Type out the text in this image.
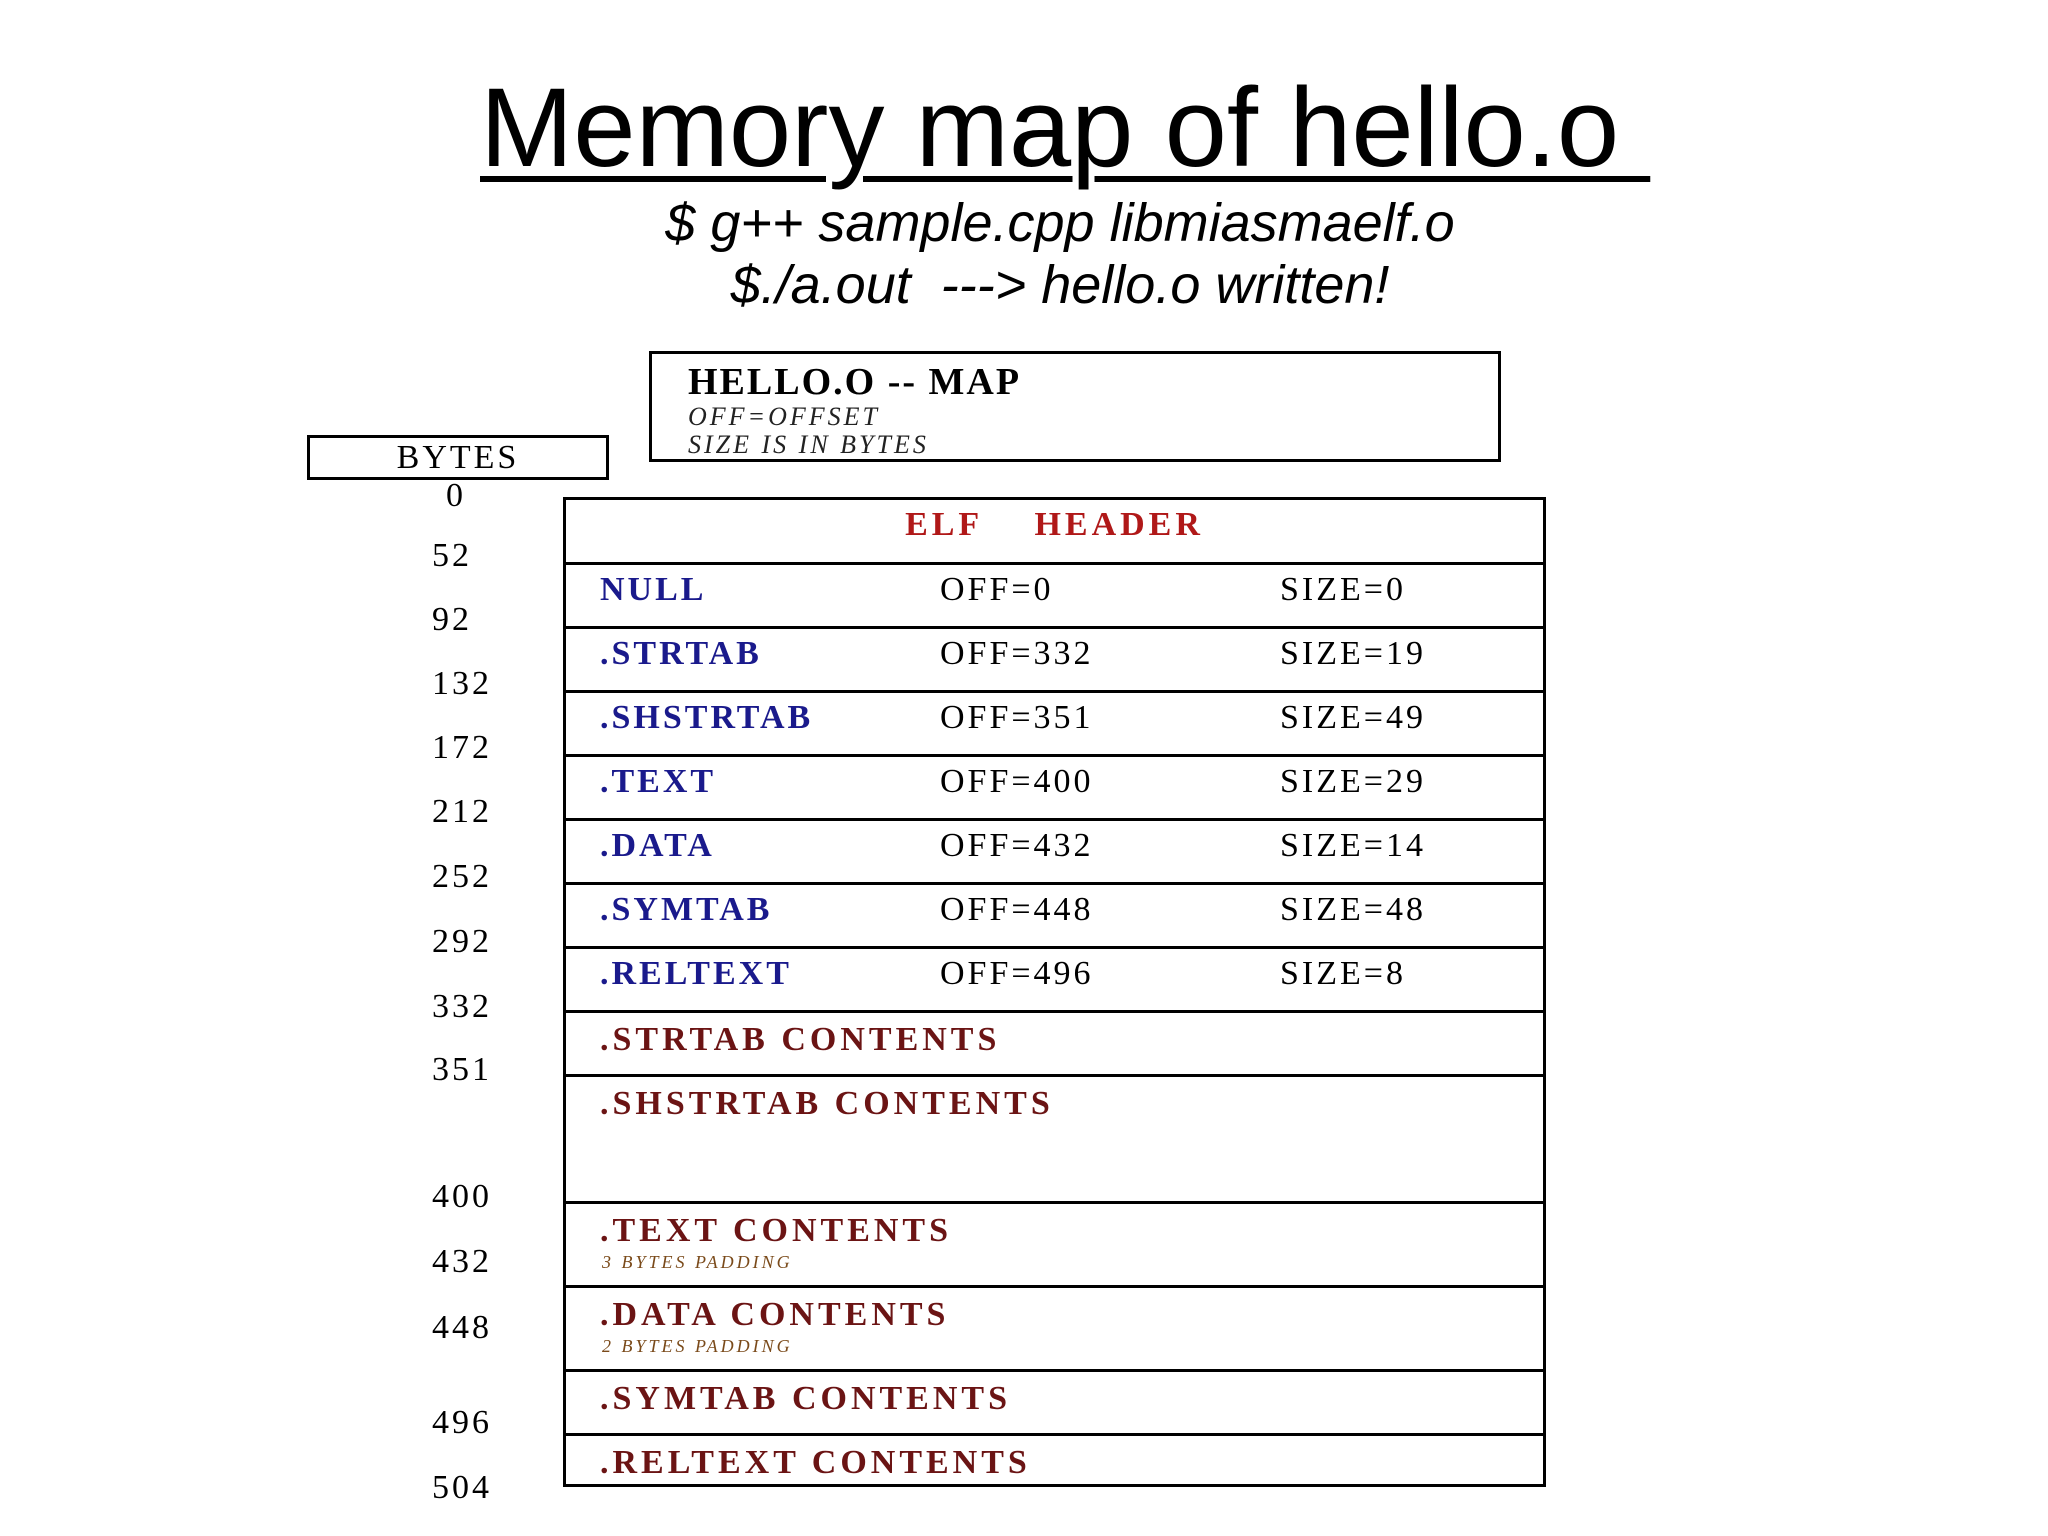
Memory map of hello.o
$ g++ sample.cpp libmiasmaelf.o
$./a.out  ---> hello.o written!
HELLO.O -- MAP
OFF=OFFSET
SIZE IS IN BYTES
BYTES
0
52
92
132
172
212
252
292
332
351
400
432
448
496
504
ELF HEADER
NULL	OFF=0	SIZE=0
.STRTAB	OFF=332	SIZE=19
.SHSTRTAB	OFF=351	SIZE=49
.TEXT	OFF=400	SIZE=29
.DATA	OFF=432	SIZE=14
.SYMTAB	OFF=448	SIZE=48
.RELTEXT	OFF=496	SIZE=8
.STRTAB CONTENTS
.SHSTRTAB CONTENTS
.TEXT CONTENTS
3 BYTES PADDING
.DATA CONTENTS
2 BYTES PADDING
.SYMTAB CONTENTS
.RELTEXT CONTENTS
